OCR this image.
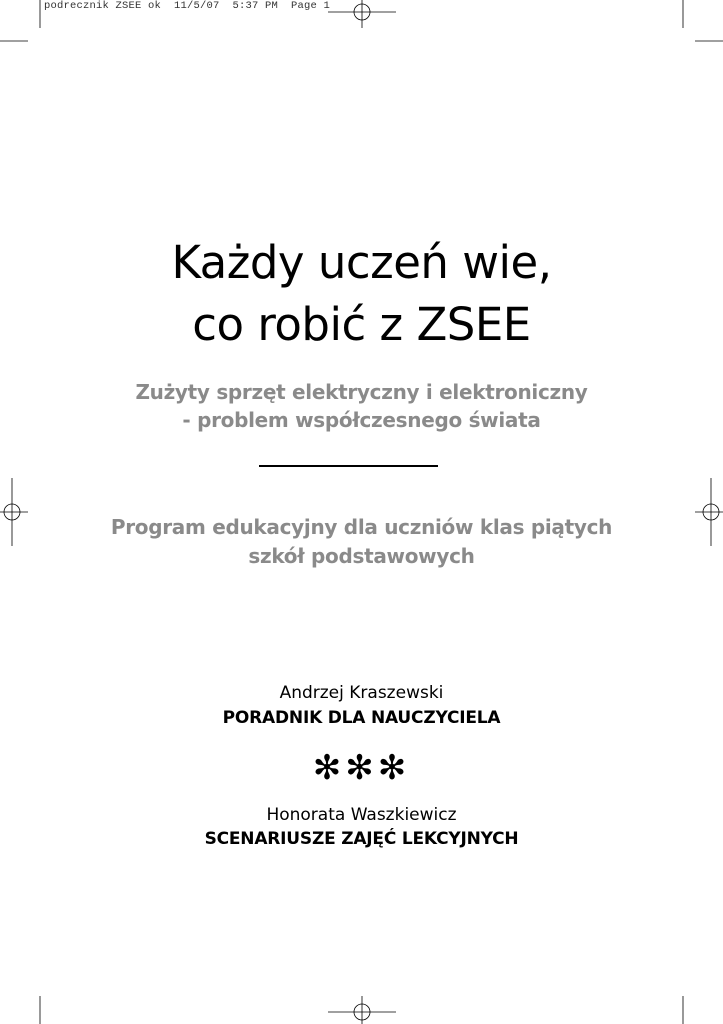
podrecznik ZSEE ok  11/5/07  5:37 PM  Page 1
Każdy uczeń wie,
co robić z ZSEE
Zużyty sprzęt elektryczny i elektroniczny
- problem współczesnego świata
Program edukacyjny dla uczniów klas piątych
szkół podstawowych
Andrzej Kraszewski
PORADNIK DLA NAUCZYCIELA
✻✻✻
Honorata Waszkiewicz
SCENARIUSZE ZAJĘĆ LEKCYJNYCH
